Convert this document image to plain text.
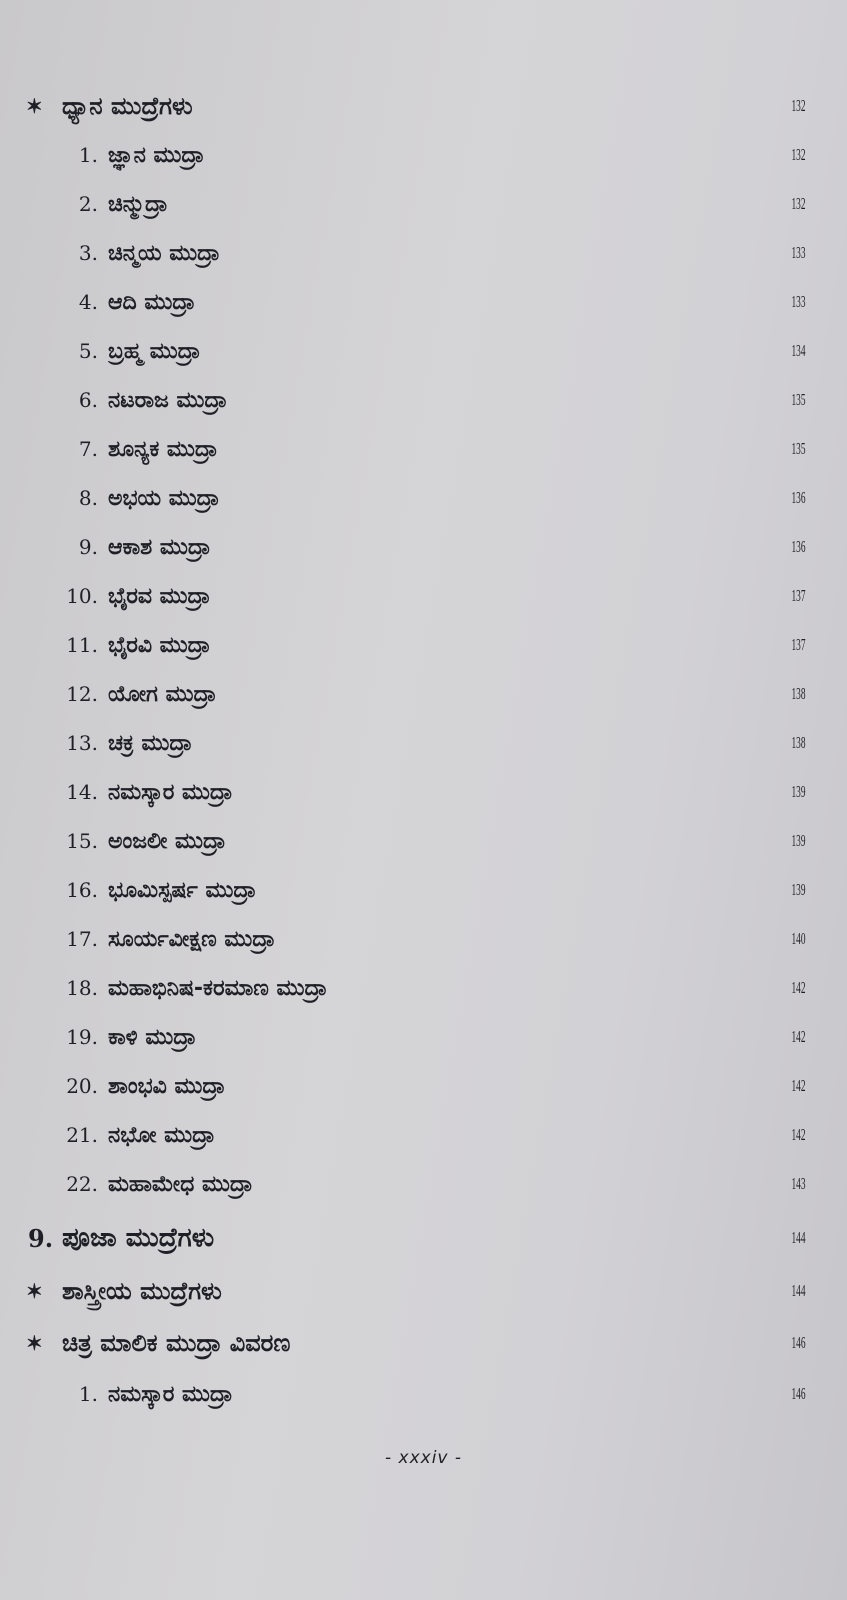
✶ ಧ್ಯಾನ ಮುದ್ರೆಗಳು	132
1. ಜ್ಞಾನ ಮುದ್ರಾ	132
2. ಚಿನ್ಮುದ್ರಾ	132
3. ಚಿನ್ಮಯ ಮುದ್ರಾ	133
4. ಆದಿ ಮುದ್ರಾ	133
5. ಬ್ರಹ್ಮ ಮುದ್ರಾ	134
6. ನಟರಾಜ ಮುದ್ರಾ	135
7. ಶೂನ್ಯಕ ಮುದ್ರಾ	135
8. ಅಭಯ ಮುದ್ರಾ	136
9. ಆಕಾಶ ಮುದ್ರಾ	136
10. ಭೈರವ ಮುದ್ರಾ	137
11. ಭೈರವಿ ಮುದ್ರಾ	137
12. ಯೋಗ ಮುದ್ರಾ	138
13. ಚಕ್ರ ಮುದ್ರಾ	138
14. ನಮಸ್ಕಾರ ಮುದ್ರಾ	139
15. ಅಂಜಲೀ ಮುದ್ರಾ	139
16. ಭೂಮಿಸ್ಪರ್ಷ ಮುದ್ರಾ	139
17. ಸೂರ್ಯವೀಕ್ಷಣ ಮುದ್ರಾ	140
18. ಮಹಾಭಿನಿಷ-ಕರಮಾಣ ಮುದ್ರಾ	142
19. ಕಾಳಿ ಮುದ್ರಾ	142
20. ಶಾಂಭವಿ ಮುದ್ರಾ	142
21. ನಭೋ ಮುದ್ರಾ	142
22. ಮಹಾಮೇಧ ಮುದ್ರಾ	143
9. ಪೂಜಾ ಮುದ್ರೆಗಳು	144
✶ ಶಾಸ್ತ್ರೀಯ ಮುದ್ರೆಗಳು	144
✶ ಚಿತ್ರ ಮಾಲಿಕ ಮುದ್ರಾ ವಿವರಣ	146
1. ನಮಸ್ಕಾರ ಮುದ್ರಾ	146
- xxxiv -
